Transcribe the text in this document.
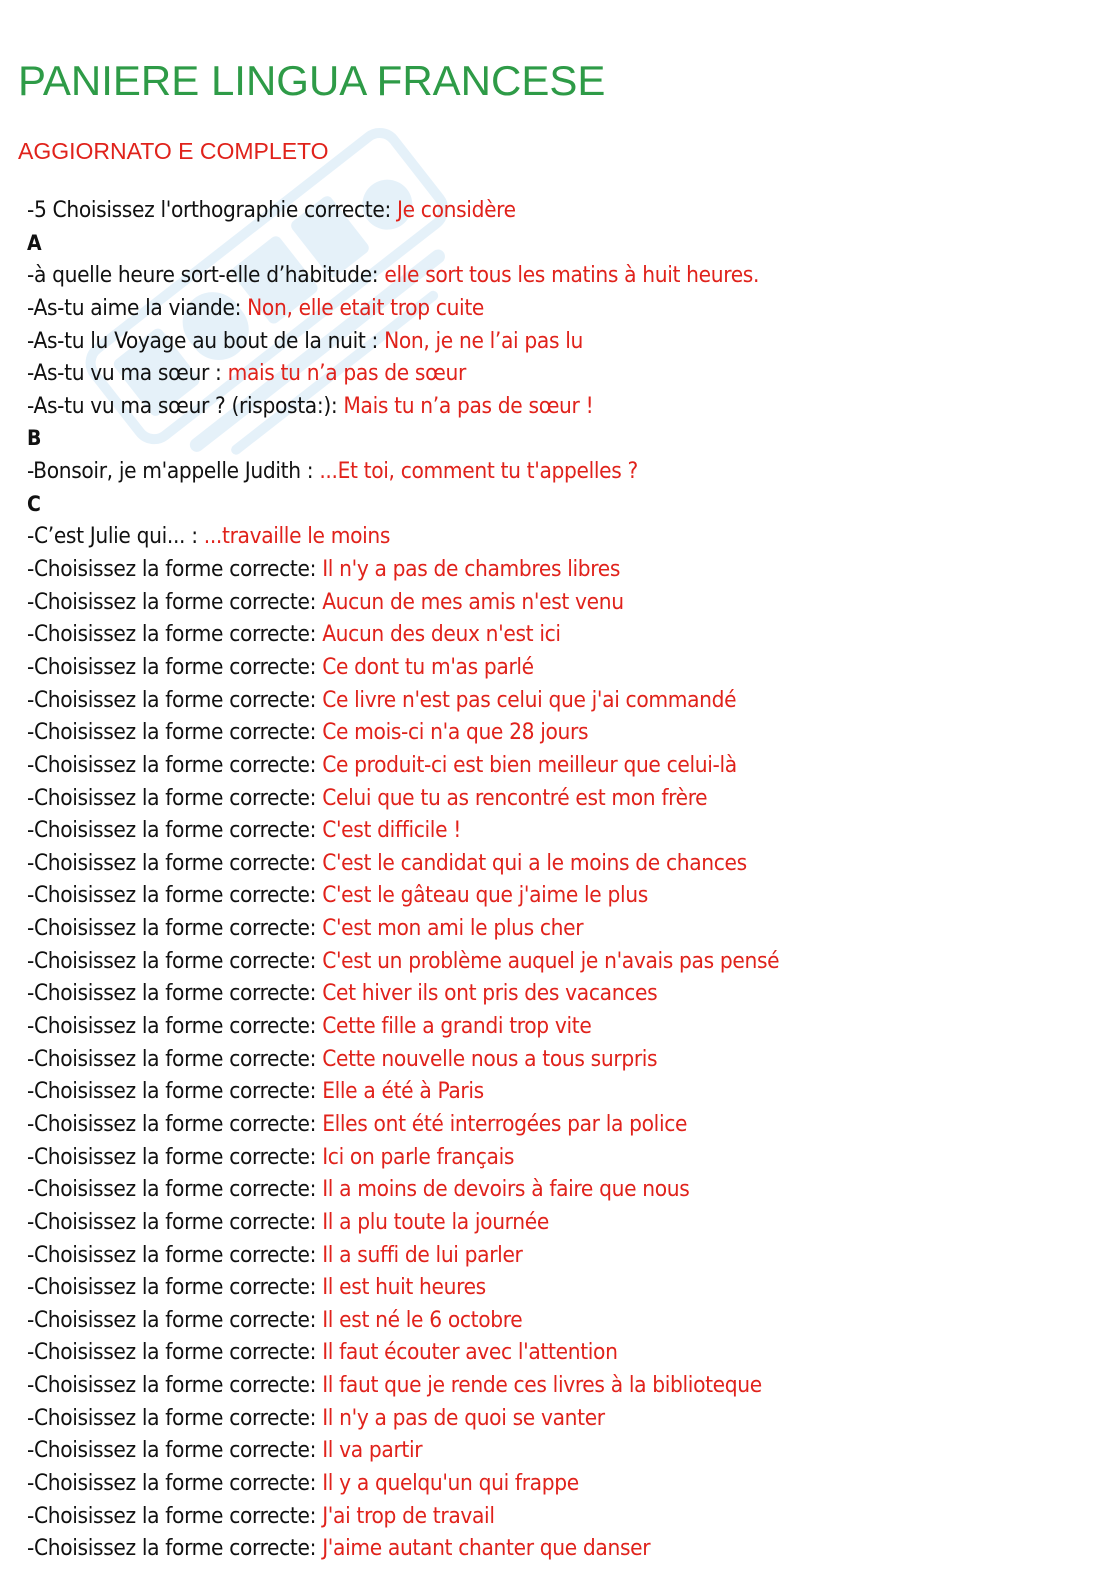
PANIERE LINGUA FRANCESE
AGGIORNATO E COMPLETO
-5 Choisissez l'orthographie correcte: Je considère
A
-à quelle heure sort-elle d’habitude: elle sort tous les matins à huit heures.
-As-tu aime la viande: Non, elle etait trop cuite
-As-tu lu Voyage au bout de la nuit : Non, je ne l’ai pas lu
-As-tu vu ma sœur : mais tu n’a pas de sœur
-As-tu vu ma sœur ? (risposta:): Mais tu n’a pas de sœur !
B
-Bonsoir, je m'appelle Judith : ...Et toi, comment tu t'appelles ?
C
-C’est Julie qui... : ...travaille le moins
-Choisissez la forme correcte: Il n'y a pas de chambres libres
-Choisissez la forme correcte: Aucun de mes amis n'est venu
-Choisissez la forme correcte: Aucun des deux n'est ici
-Choisissez la forme correcte: Ce dont tu m'as parlé
-Choisissez la forme correcte: Ce livre n'est pas celui que j'ai commandé
-Choisissez la forme correcte: Ce mois-ci n'a que 28 jours
-Choisissez la forme correcte: Ce produit-ci est bien meilleur que celui-là
-Choisissez la forme correcte: Celui que tu as rencontré est mon frère
-Choisissez la forme correcte: C'est difficile !
-Choisissez la forme correcte: C'est le candidat qui a le moins de chances
-Choisissez la forme correcte: C'est le gâteau que j'aime le plus
-Choisissez la forme correcte: C'est mon ami le plus cher
-Choisissez la forme correcte: C'est un problème auquel je n'avais pas pensé
-Choisissez la forme correcte: Cet hiver ils ont pris des vacances
-Choisissez la forme correcte: Cette fille a grandi trop vite
-Choisissez la forme correcte: Cette nouvelle nous a tous surpris
-Choisissez la forme correcte: Elle a été à Paris
-Choisissez la forme correcte: Elles ont été interrogées par la police
-Choisissez la forme correcte: Ici on parle français
-Choisissez la forme correcte: Il a moins de devoirs à faire que nous
-Choisissez la forme correcte: Il a plu toute la journée
-Choisissez la forme correcte: Il a suffi de lui parler
-Choisissez la forme correcte: Il est huit heures
-Choisissez la forme correcte: Il est né le 6 octobre
-Choisissez la forme correcte: Il faut écouter avec l'attention
-Choisissez la forme correcte: Il faut que je rende ces livres à la biblioteque
-Choisissez la forme correcte: Il n'y a pas de quoi se vanter
-Choisissez la forme correcte: Il va partir
-Choisissez la forme correcte: Il y a quelqu'un qui frappe
-Choisissez la forme correcte: J'ai trop de travail
-Choisissez la forme correcte: J'aime autant chanter que danser
